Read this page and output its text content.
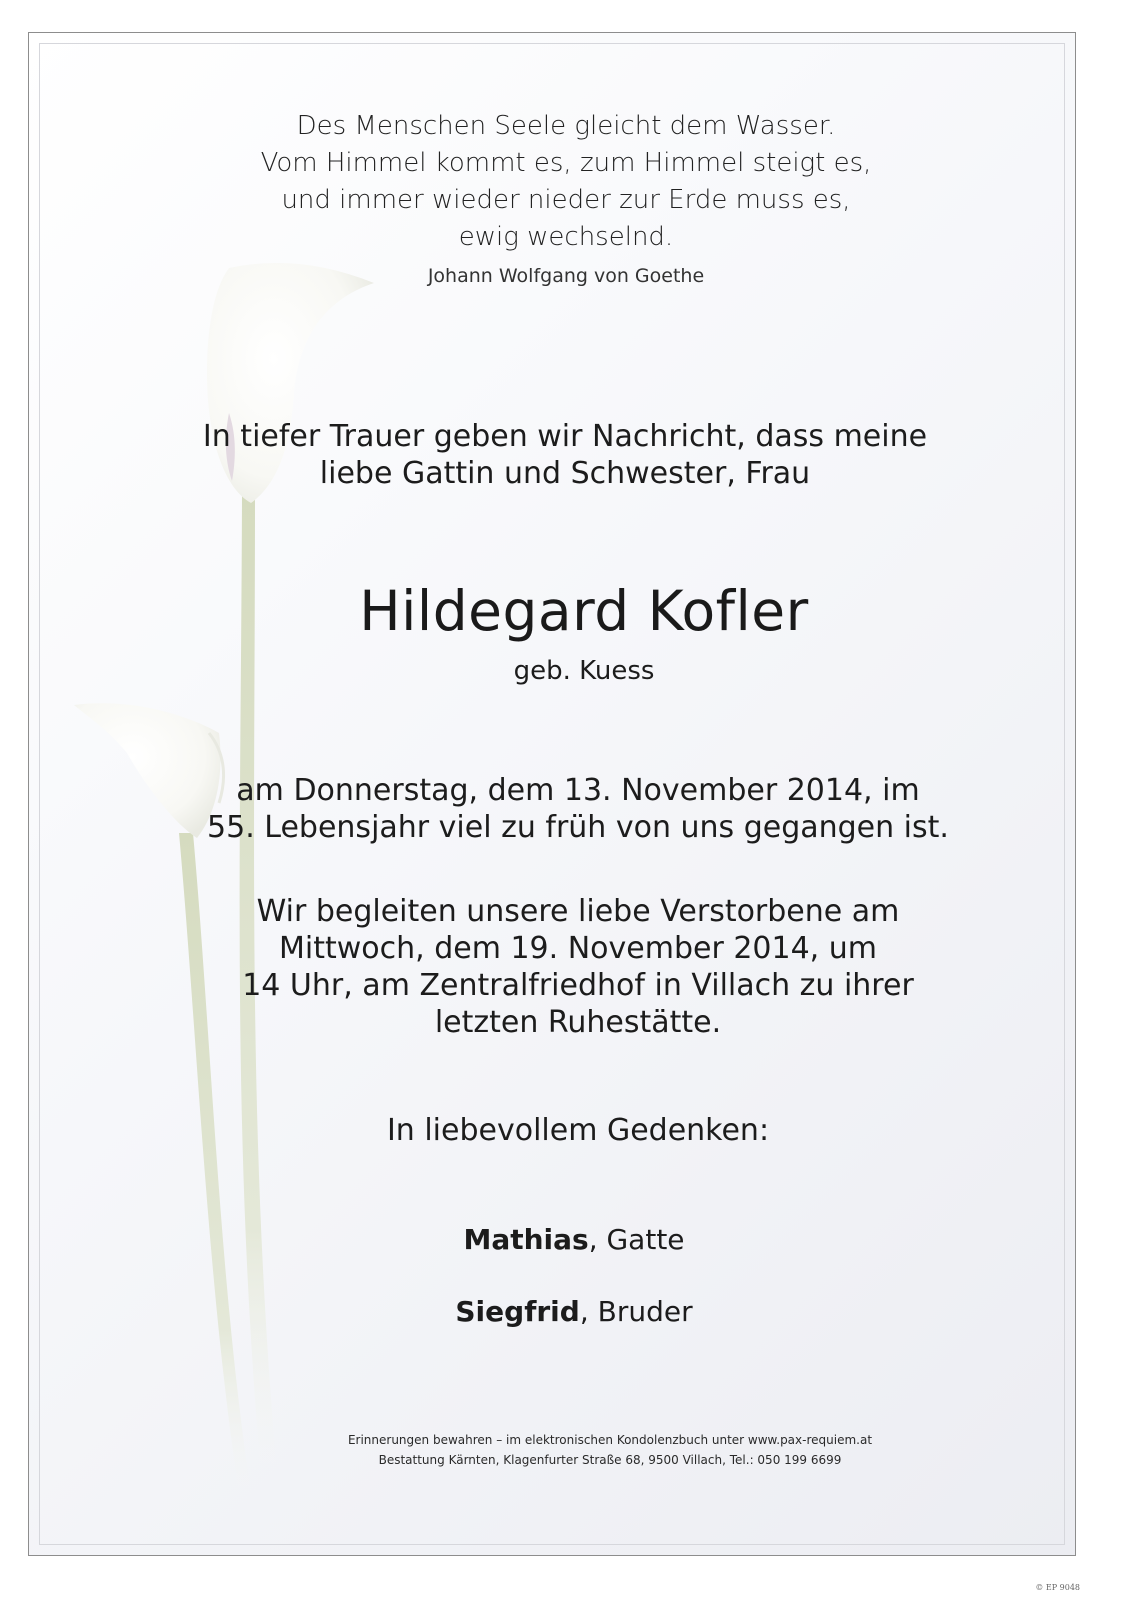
Des Menschen Seele gleicht dem Wasser.
Vom Himmel kommt es, zum Himmel steigt es,
und immer wieder nieder zur Erde muss es,
ewig wechselnd.

Johann Wolfgang von Goethe

In tiefer Trauer geben wir Nachricht, dass meine
liebe Gattin und Schwester, Frau

Hildegard Kofler

geb. Kuess

am Donnerstag, dem 13. November 2014, im
55. Lebensjahr viel zu früh von uns gegangen ist.
Wir begleiten unsere liebe Verstorbene am
Mittwoch, dem 19. November 2014, um
14 Uhr, am Zentralfriedhof in Villach zu ihrer
letzten Ruhestätte.

In liebevollem Gedenken:

Mathias, Gatte

Siegfrid, Bruder

Erinnerungen bewahren – im elektronischen Kondolenzbuch unter www.pax-requiem.at
Bestattung Kärnten, Klagenfurter Straße 68, 9500 Villach, Tel.: 050 199 6699

© EP 9048
